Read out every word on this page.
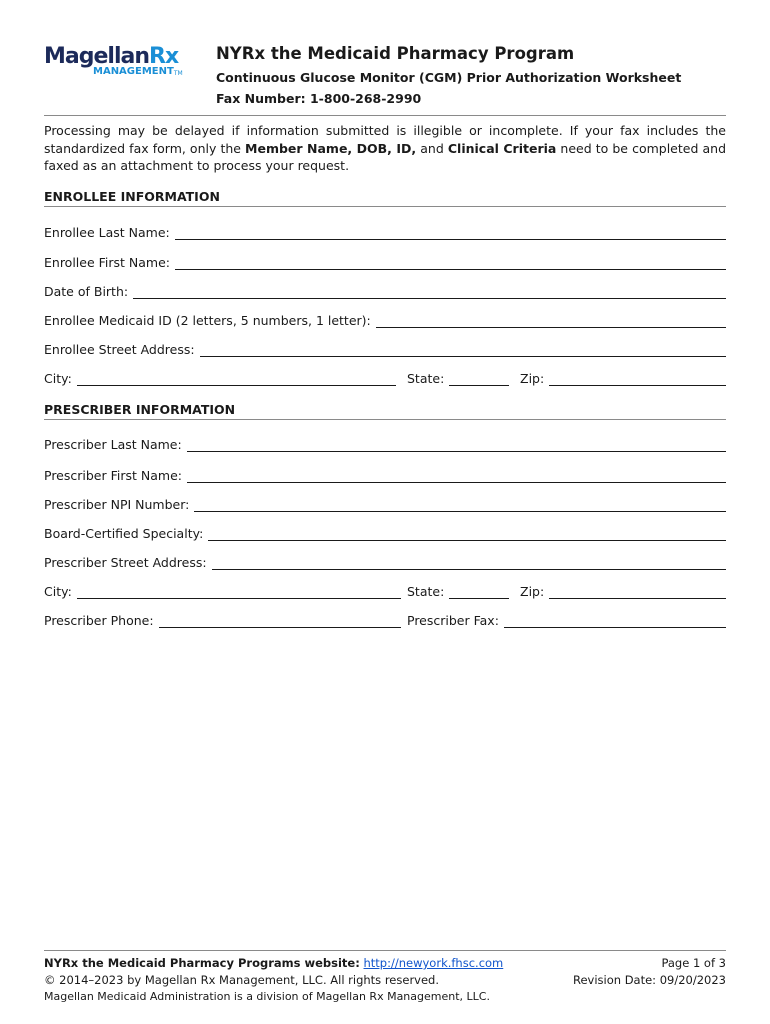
MagellanRx
MANAGEMENTTM
NYRx the Medicaid Pharmacy Program
Continuous Glucose Monitor (CGM) Prior Authorization Worksheet
Fax Number: 1-800-268-2990
Processing may be delayed if information submitted is illegible or incomplete. If your fax includes the standardized fax form, only the Member Name, DOB, ID, and Clinical Criteria need to be completed and faxed as an attachment to process your request.
ENROLLEE INFORMATION
Enrollee Last Name:
Enrollee First Name:
Date of Birth:
Enrollee Medicaid ID (2 letters, 5 numbers, 1 letter):
Enrollee Street Address:
City:	State:	Zip:
PRESCRIBER INFORMATION
Prescriber Last Name:
Prescriber First Name:
Prescriber NPI Number:
Board-Certified Specialty:
Prescriber Street Address:
City:	State:	Zip:
Prescriber Phone:	Prescriber Fax:
NYRx the Medicaid Pharmacy Programs website: http://newyork.fhsc.com
© 2014–2023 by Magellan Rx Management, LLC. All rights reserved.
Magellan Medicaid Administration is a division of Magellan Rx Management, LLC.
Page 1 of 3
Revision Date: 09/20/2023
